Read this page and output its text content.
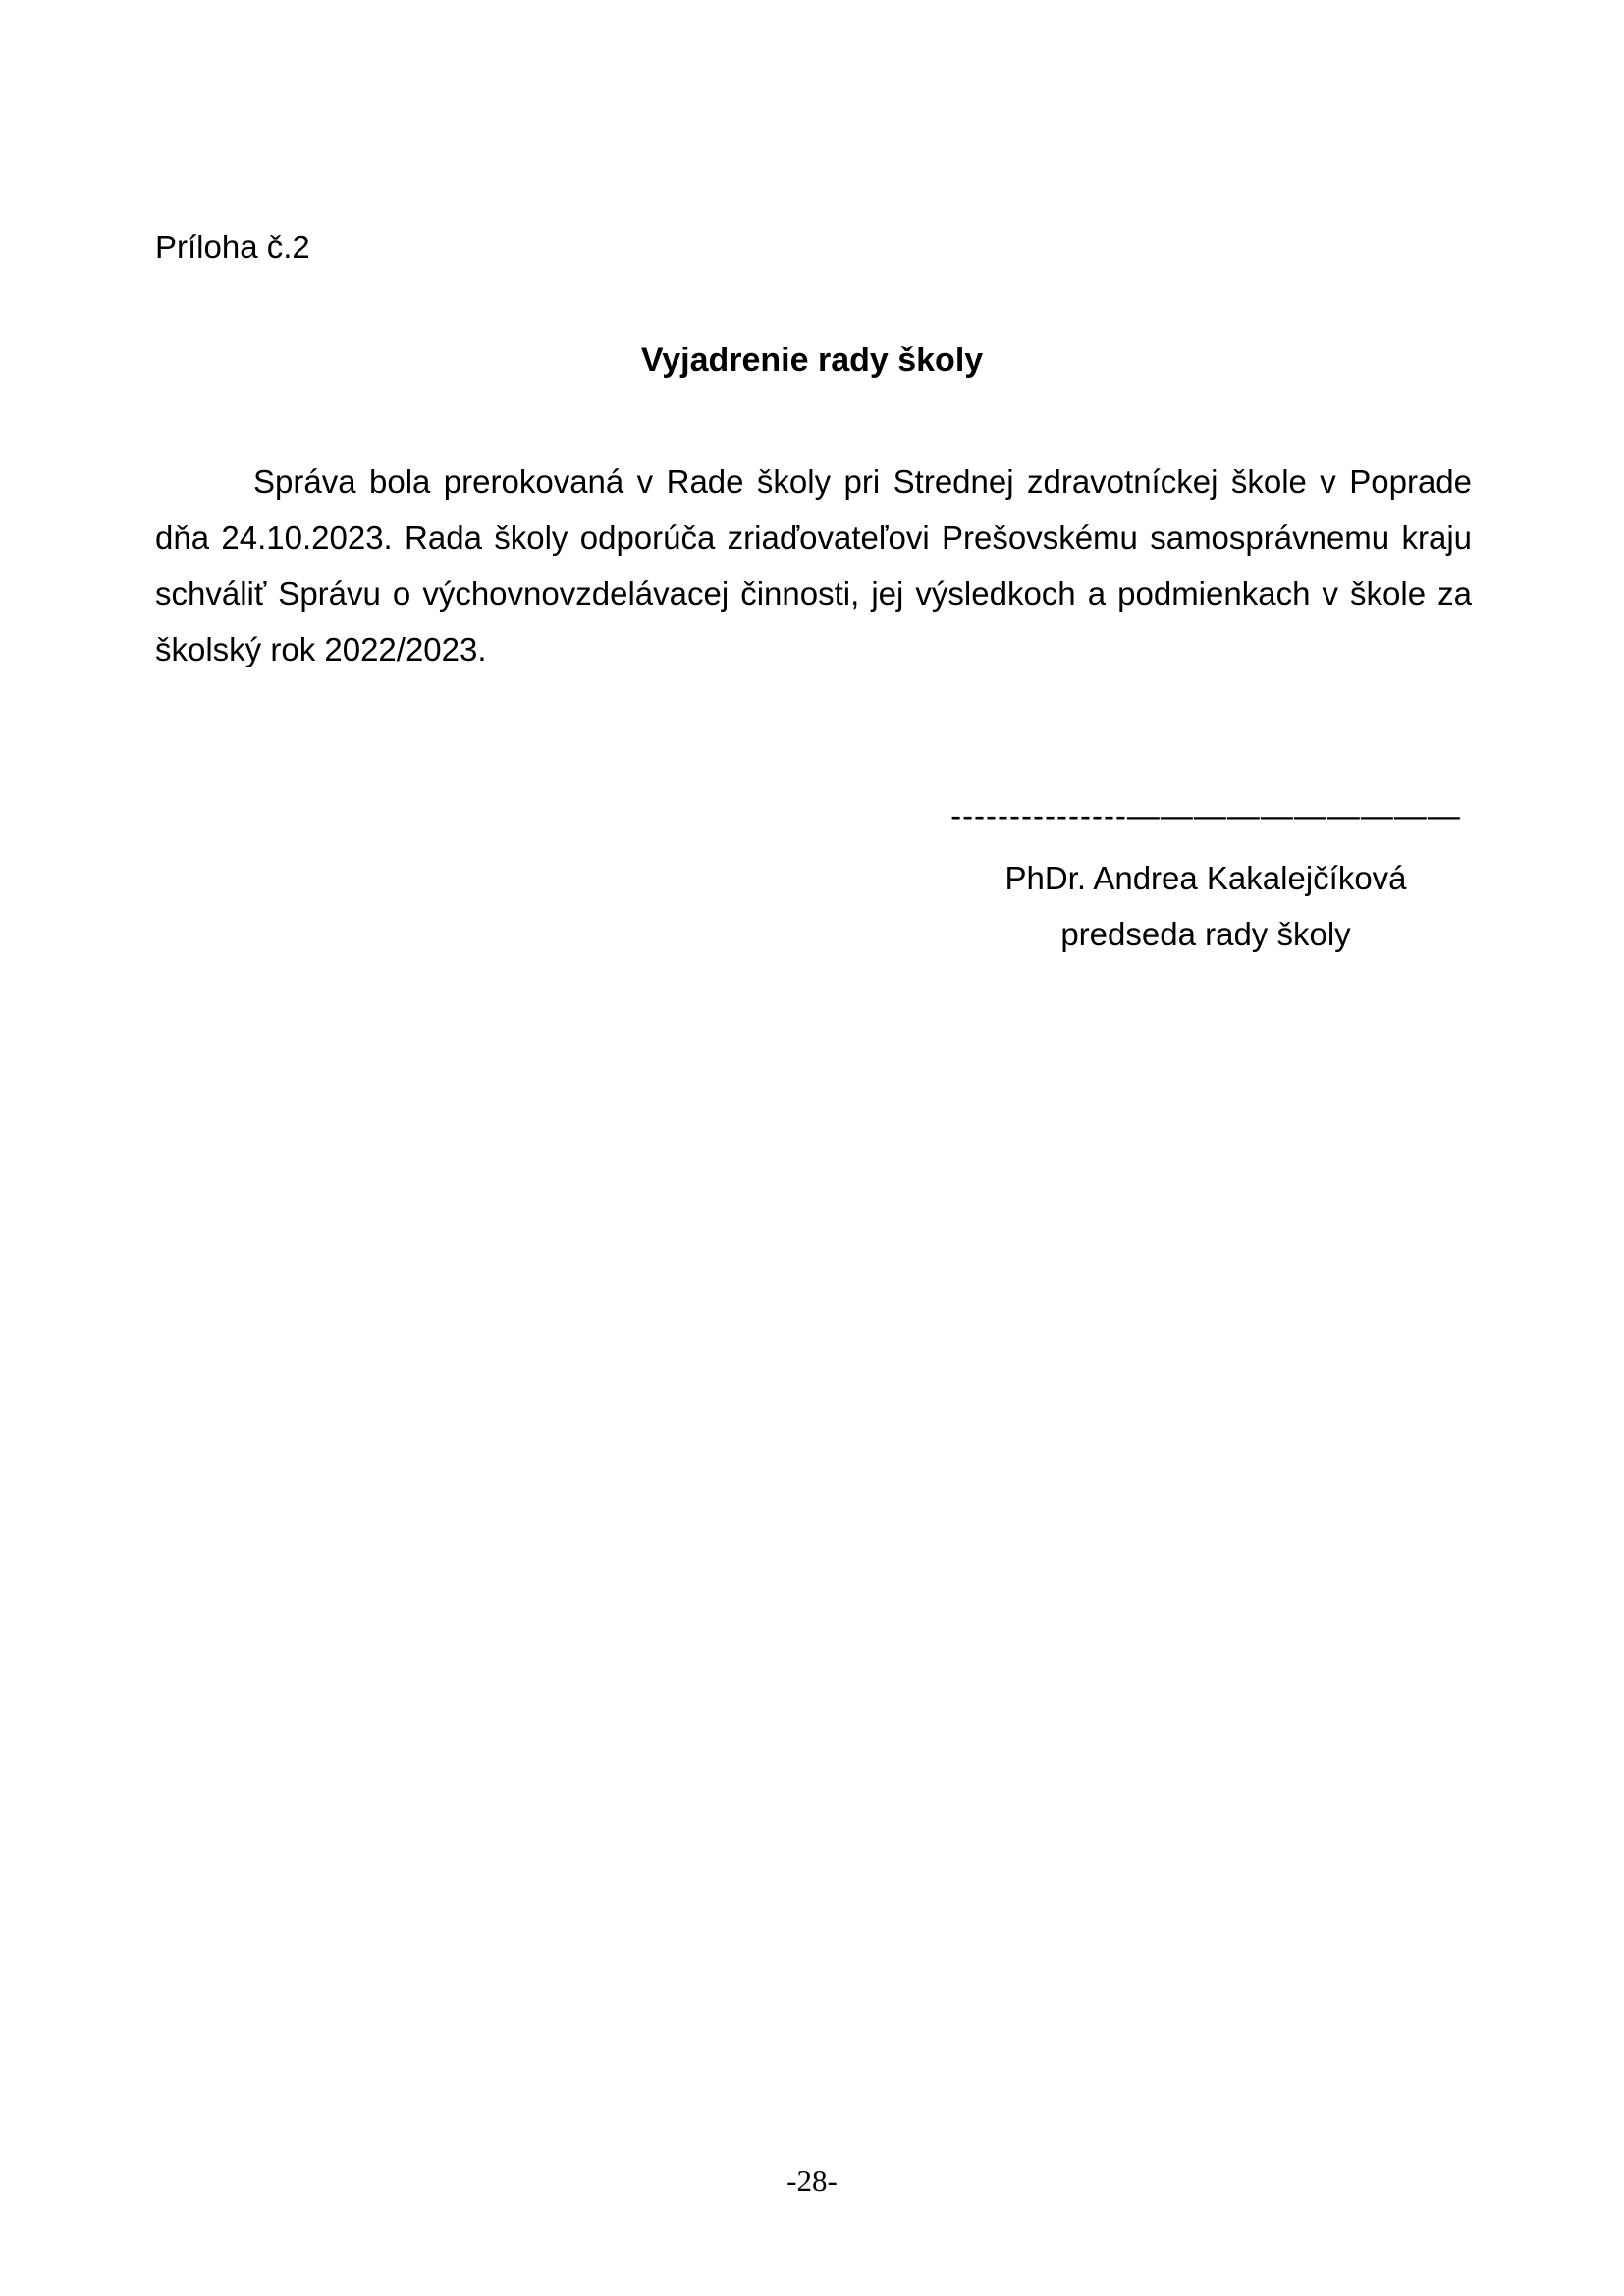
Príloha č.2
Vyjadrenie rady školy
Správa bola prerokovaná v Rade školy pri Strednej zdravotníckej škole v Poprade
dňa 24.10.2023. Rada školy odporúča zriaďovateľovi Prešovskému samosprávnemu kraju
schváliť Správu o výchovnovzdelávacej činnosti, jej výsledkoch a podmienkach v škole za
školský rok 2022/2023.
---------------——————————
PhDr. Andrea Kakalejčíková
predseda rady školy
-28-
